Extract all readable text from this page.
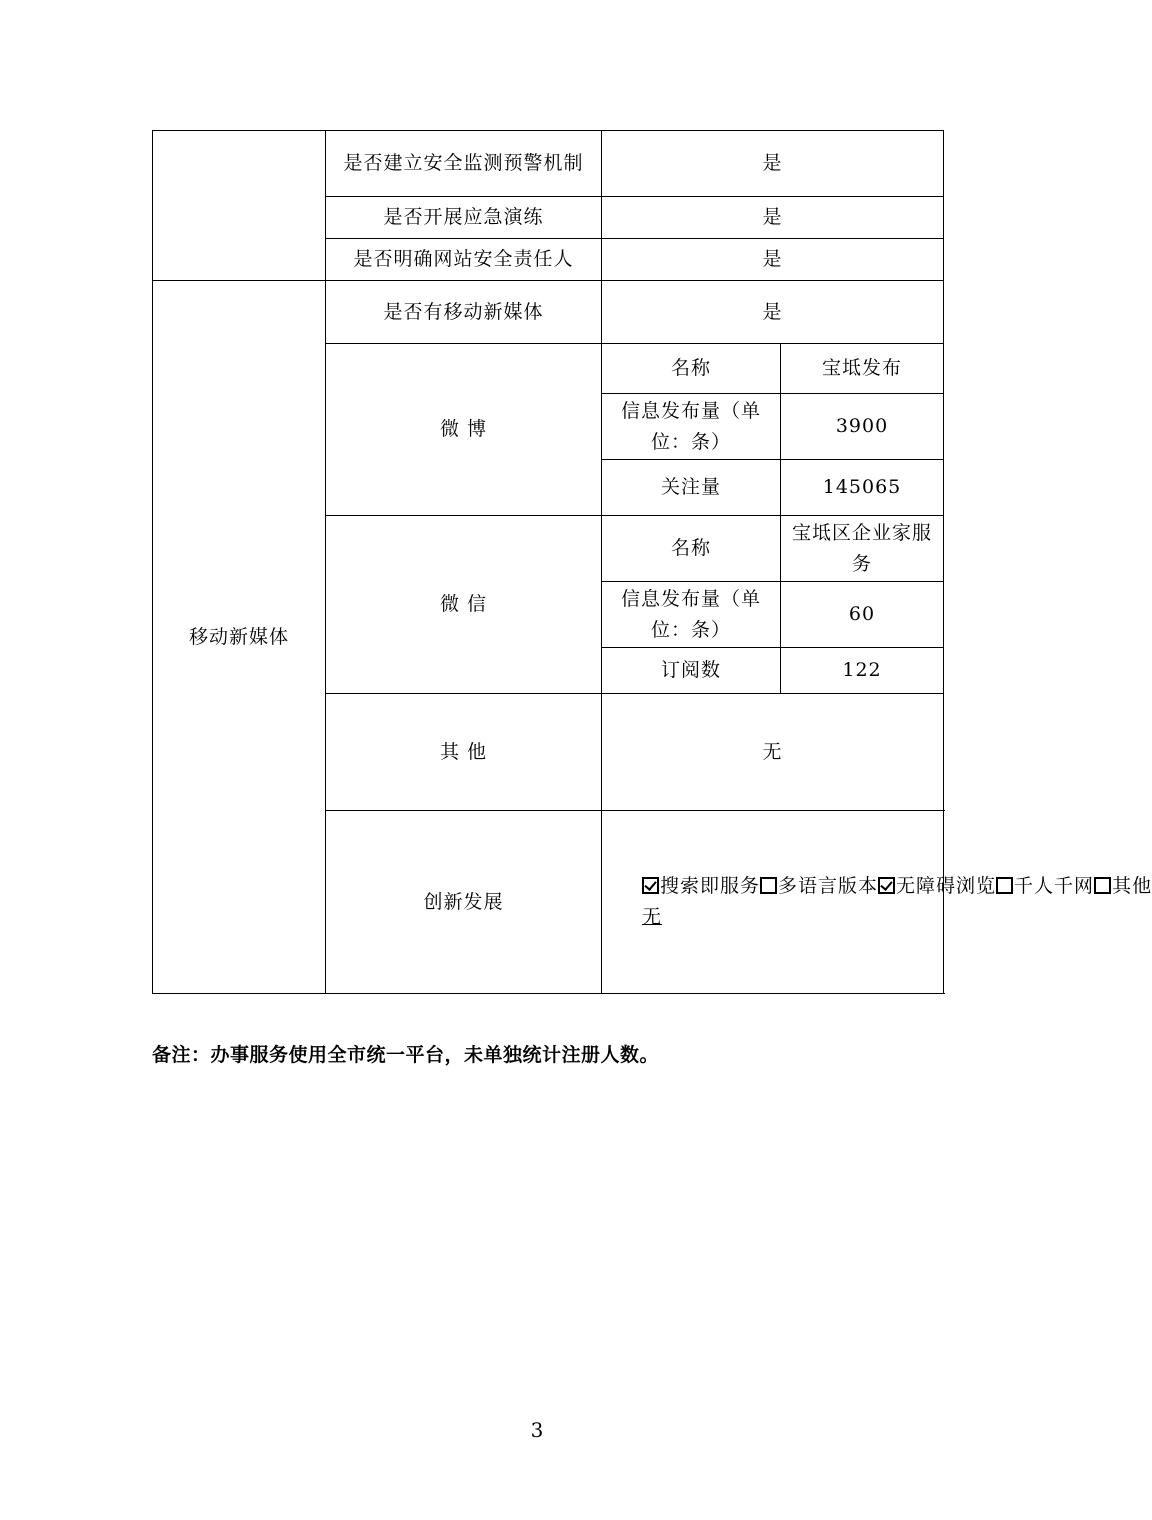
	是否建立安全监测预警机制	是	
	是否开展应急演练	是	
	是否明确网站安全责任人	是	
移动新媒体	是否有移动新媒体	是	
	微 博	名称	宝坻发布
		信息发布量（单位：条）	3900
		关注量	145065
	微 信	名称	宝坻区企业家服务
		信息发布量（单位：条）	60
		订阅数	122
	其 他	无	

	创新发展	搜索即服务 多语言版本 无障碍浏览 千人千网 其他
无	
备注：办事服务使用全市统一平台，未单独统计注册人数。
3
